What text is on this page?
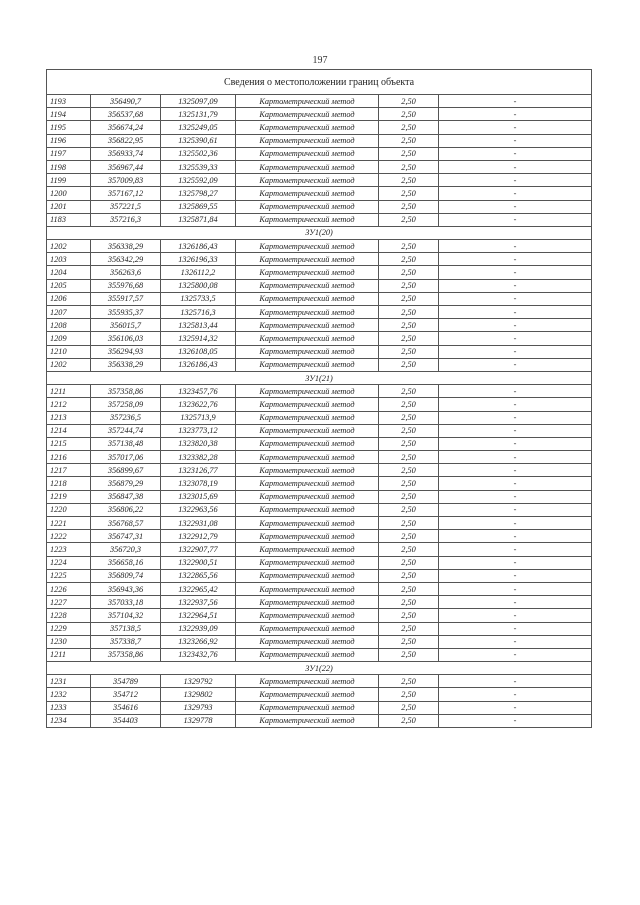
197
Сведения о местоположении границ объекта					
1193	356490,7	1325097,09	Картометрический метод	2,50	-
1194	356537,68	1325131,79	Картометрический метод	2,50	-
1195	356674,24	1325249,05	Картометрический метод	2,50	-
1196	356822,95	1325390,61	Картометрический метод	2,50	-
1197	356933,74	1325502,36	Картометрический метод	2,50	-
1198	356967,44	1325539,33	Картометрический метод	2,50	-
1199	357009,83	1325592,09	Картометрический метод	2,50	-
1200	357167,12	1325798,27	Картометрический метод	2,50	-
1201	357221,5	1325869,55	Картометрический метод	2,50	-
1183	357216,3	1325871,84	Картометрический метод	2,50	-
ЗУ1(20)					
1202	356338,29	1326186,43	Картометрический метод	2,50	-
1203	356342,29	1326196,33	Картометрический метод	2,50	-
1204	356263,6	1326112,2	Картометрический метод	2,50	-
1205	355976,68	1325800,08	Картометрический метод	2,50	-
1206	355917,57	1325733,5	Картометрический метод	2,50	-
1207	355935,37	1325716,3	Картометрический метод	2,50	-
1208	356015,7	1325813,44	Картометрический метод	2,50	-
1209	356106,03	1325914,32	Картометрический метод	2,50	-
1210	356294,93	1326108,05	Картометрический метод	2,50	-
1202	356338,29	1326186,43	Картометрический метод	2,50	-
ЗУ1(21)					
1211	357358,86	1323457,76	Картометрический метод	2,50	-
1212	357258,09	1323622,76	Картометрический метод	2,50	-
1213	357236,5	1325713,9	Картометрический метод	2,50	-
1214	357244,74	1323773,12	Картометрический метод	2,50	-
1215	357138,48	1323820,38	Картометрический метод	2,50	-
1216	357017,06	1323382,28	Картометрический метод	2,50	-
1217	356899,67	1323126,77	Картометрический метод	2,50	-
1218	356879,29	1323078,19	Картометрический метод	2,50	-
1219	356847,38	1323015,69	Картометрический метод	2,50	-
1220	356806,22	1322963,56	Картометрический метод	2,50	-
1221	356768,57	1322931,08	Картометрический метод	2,50	-
1222	356747,31	1322912,79	Картометрический метод	2,50	-
1223	356720,3	1322907,77	Картометрический метод	2,50	-
1224	356658,16	1322900,51	Картометрический метод	2,50	-
1225	356809,74	1322865,56	Картометрический метод	2,50	-
1226	356943,36	1322965,42	Картометрический метод	2,50	-
1227	357033,18	1322937,56	Картометрический метод	2,50	-
1228	357104,32	1322964,51	Картометрический метод	2,50	-
1229	357138,5	1322939,09	Картометрический метод	2,50	-
1230	357338,7	1323266,92	Картометрический метод	2,50	-
1211	357358,86	1323432,76	Картометрический метод	2,50	-
ЗУ1(22)					
1231	354789	1329792	Картометрический метод	2,50	-
1232	354712	1329802	Картометрический метод	2,50	-
1233	354616	1329793	Картометрический метод	2,50	-
1234	354403	1329778	Картометрический метод	2,50	-
